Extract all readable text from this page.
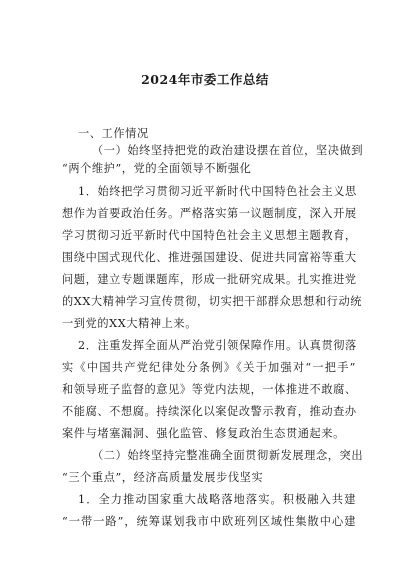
2024年市委工作总结
一、工作情况
（一）始终坚持把党的政治建设摆在首位，坚决做到
“两个维护”，党的全面领导不断强化
1．始终把学习贯彻习近平新时代中国特色社会主义思
想作为首要政治任务。严格落实第一议题制度，深入开展
学习贯彻习近平新时代中国特色社会主义思想主题教育，
围绕中国式现代化、推进强国建设、促进共同富裕等重大
问题，建立专题课题库，形成一批研究成果。扎实推进党
的XX大精神学习宣传贯彻，切实把干部群众思想和行动统
一到党的XX大精神上来。
2．注重发挥全面从严治党引领保障作用。认真贯彻落
实《中国共产党纪律处分条例》《关于加强对“一把手”
和领导班子监督的意见》等党内法规，一体推进不敢腐、
不能腐、不想腐。持续深化以案促改警示教育，推动查办
案件与堵塞漏洞、强化监管、修复政治生态贯通起来。
（二）始终坚持完整准确全面贯彻新发展理念，突出
“三个重点”，经济高质量发展步伐坚实
1．全力推动国家重大战略落地落实。积极融入共建
“一带一路”，统筹谋划我市中欧班列区域性集散中心建
